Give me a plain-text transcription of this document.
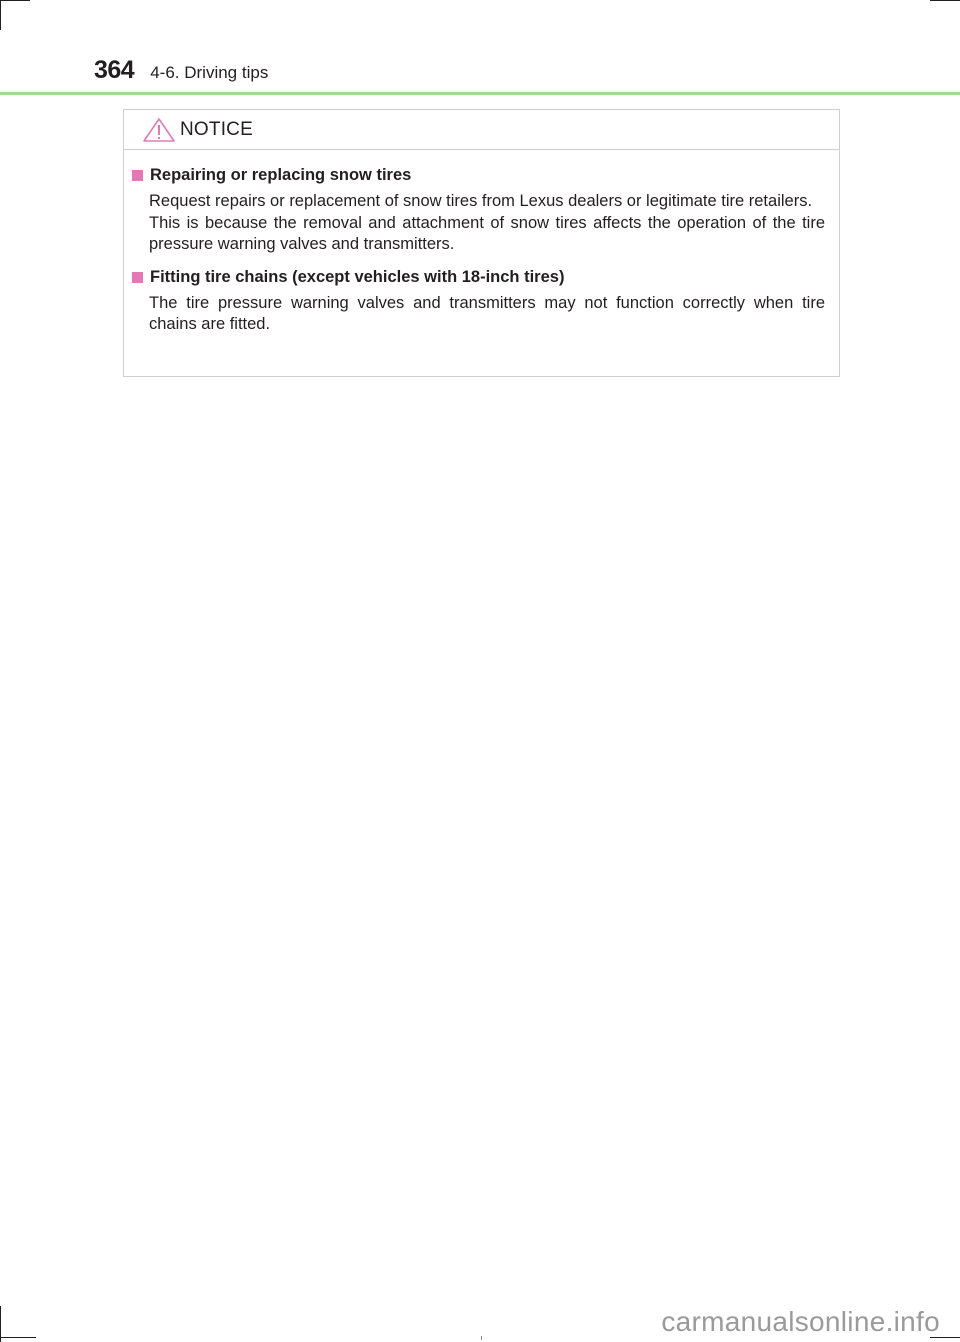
364 4-6. Driving tips
NOTICE
Repairing or replacing snow tires

Request repairs or replacement of snow tires from Lexus dealers or legitimate tire retailers.

This is because the removal and attachment of snow tires affects the operation of the tire pressure warning valves and transmitters.

Fitting tire chains (except vehicles with 18-inch tires)

The tire pressure warning valves and transmitters may not function correctly when tire chains are fitted.

carmanualsonline.info
